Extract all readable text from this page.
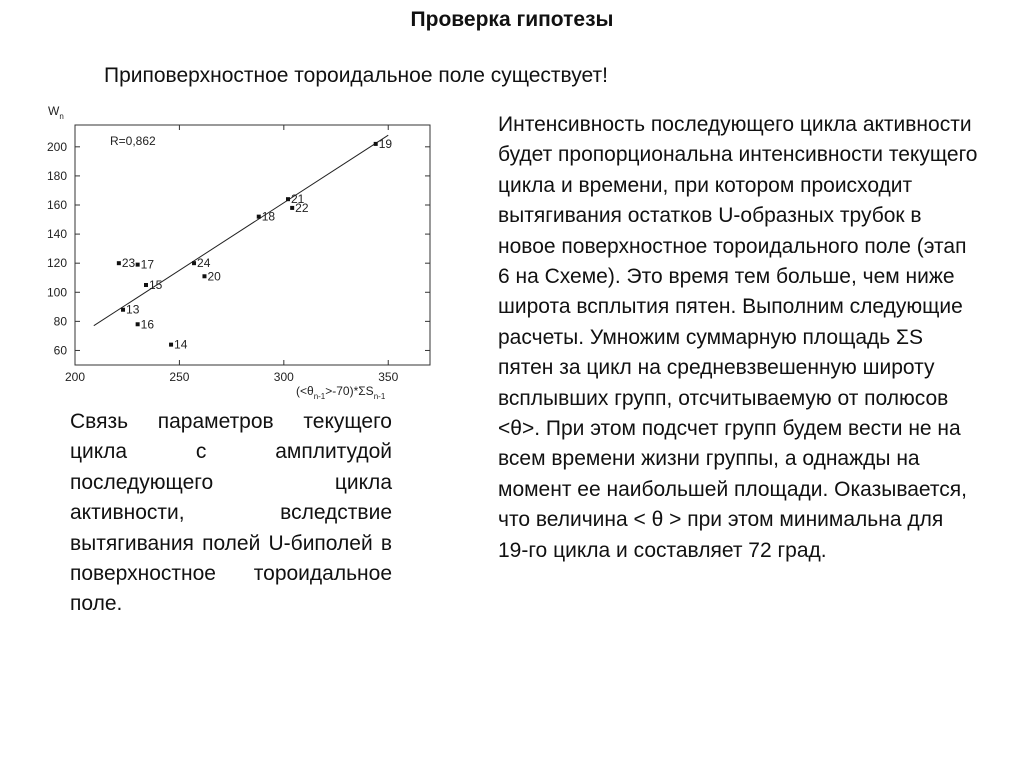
Проверка гипотезы
Приповерхностное тороидальное поле существует!
200	250	300	350
60
80
100
120
140
160
180
200
$W_n$
$(<\theta_{n-1}>-70)*\Sigma S_{n-1}$
R=0,862	19
21
22
18
24
20
23 17
15
13
16
14
Интенсивность последующего цикла активности будет пропорциональна интенсивности текущего цикла и времени, при котором происходит вытягивания остатков U-образных трубок в новое поверхностное тороидального поле (этап 6 на Схеме). Это время тем больше, чем ниже широта всплытия пятен. Выполним следующие расчеты. Умножим суммарную площадь ΣS пятен за цикл на средневзвешенную широту всплывших групп, отсчитываемую от полюсов <θ>. При этом подсчет групп будем вести не на всем времени жизни группы, а однажды на момент ее наибольшей площади. Оказывается, что величина < θ > при этом минимальна для 19-го цикла и составляет 72 град.
Связь параметров текущего цикла с амплитудой последующего цикла активности, вследствие вытягивания полей U-биполей в поверхностное тороидальное поле.
